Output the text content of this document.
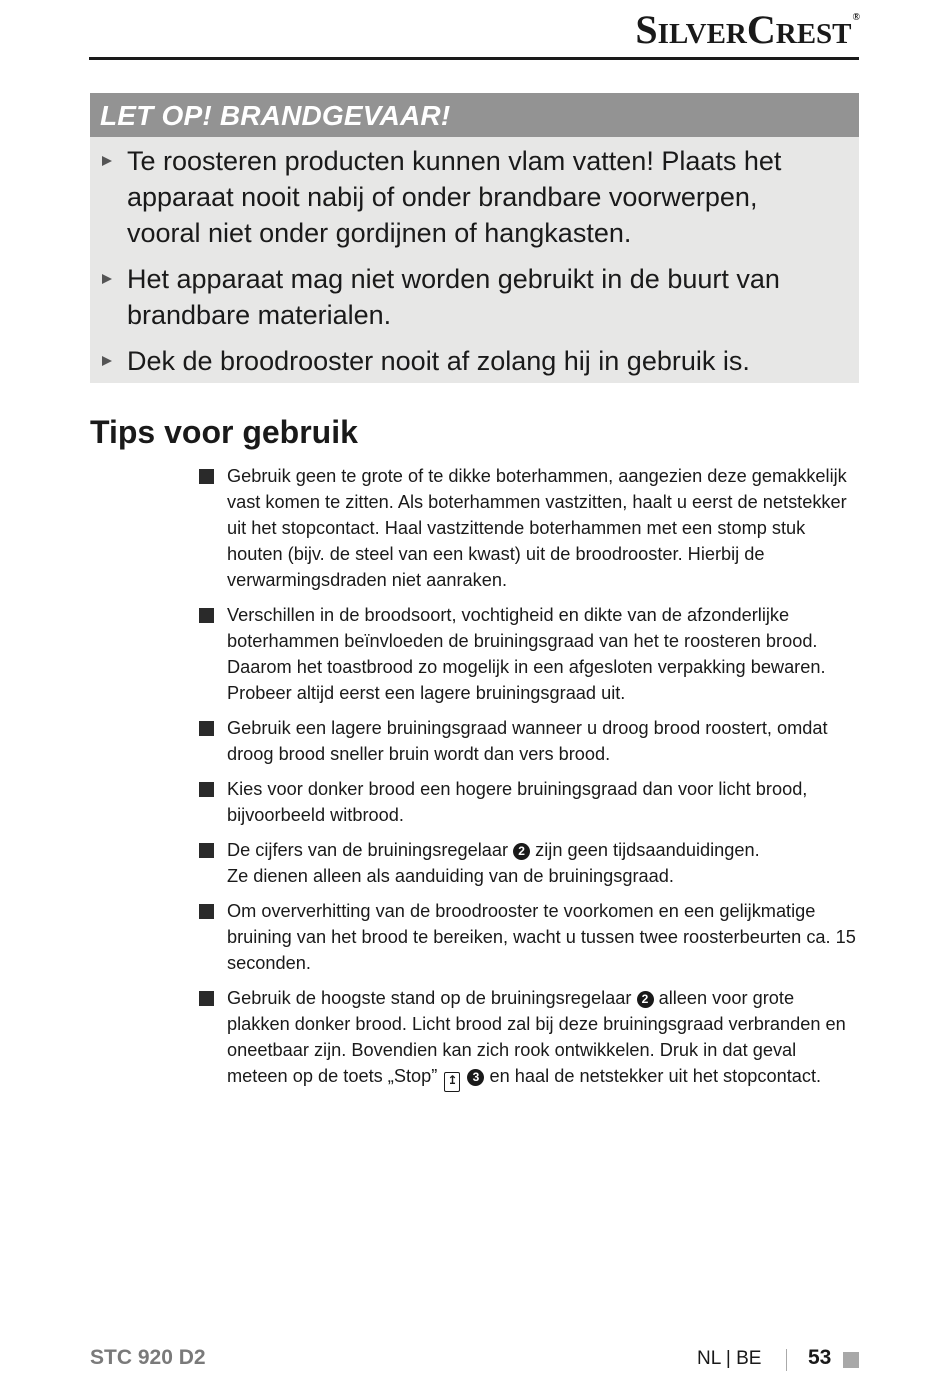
SILVERCREST®
LET OP! BRANDGEVAAR!
Te roosteren producten kunnen vlam vatten! Plaats het apparaat nooit nabij of onder brandbare voorwerpen, vooral niet onder gordijnen of hangkasten.
Het apparaat mag niet worden gebruikt in de buurt van brandbare materialen.
Dek de broodrooster nooit af zolang hij in gebruik is.
Tips voor gebruik
Gebruik geen te grote of te dikke boterhammen, aangezien deze gemakkelijk vast komen te zitten. Als boterhammen vastzitten, haalt u eerst de netstekker uit het stopcontact. Haal vastzittende boterhammen met een stomp stuk houten (bijv. de steel van een kwast) uit de broodrooster. Hierbij de verwarmingsdraden niet aanraken.
Verschillen in de broodsoort, vochtigheid en dikte van de afzonderlijke boterhammen beïnvloeden de bruiningsgraad van het te roosteren brood. Daarom het toastbrood zo mogelijk in een afgesloten verpakking bewaren. Probeer altijd eerst een lagere bruiningsgraad uit.
Gebruik een lagere bruiningsgraad wanneer u droog brood roostert, omdat droog brood sneller bruin wordt dan vers brood.
Kies voor donker brood een hogere bruiningsgraad dan voor licht brood, bijvoorbeeld witbrood.
De cijfers van de bruiningsregelaar 2 zijn geen tijdsaanduidingen.
Ze dienen alleen als aanduiding van de bruiningsgraad.
Om oververhitting van de broodrooster te voorkomen en een gelijkmatige bruining van het brood te bereiken, wacht u tussen twee roosterbeurten ca. 15 seconden.
Gebruik de hoogste stand op de bruiningsregelaar 2 alleen voor grote plakken donker brood. Licht brood zal bij deze bruiningsgraad verbranden en oneetbaar zijn. Bovendien kan zich rook ontwikkelen. Druk in dat geval meteen op de toets „Stop” ↥ 3 en haal de netstekker uit het stopcontact.
STC 920 D2	NL | BE 53
